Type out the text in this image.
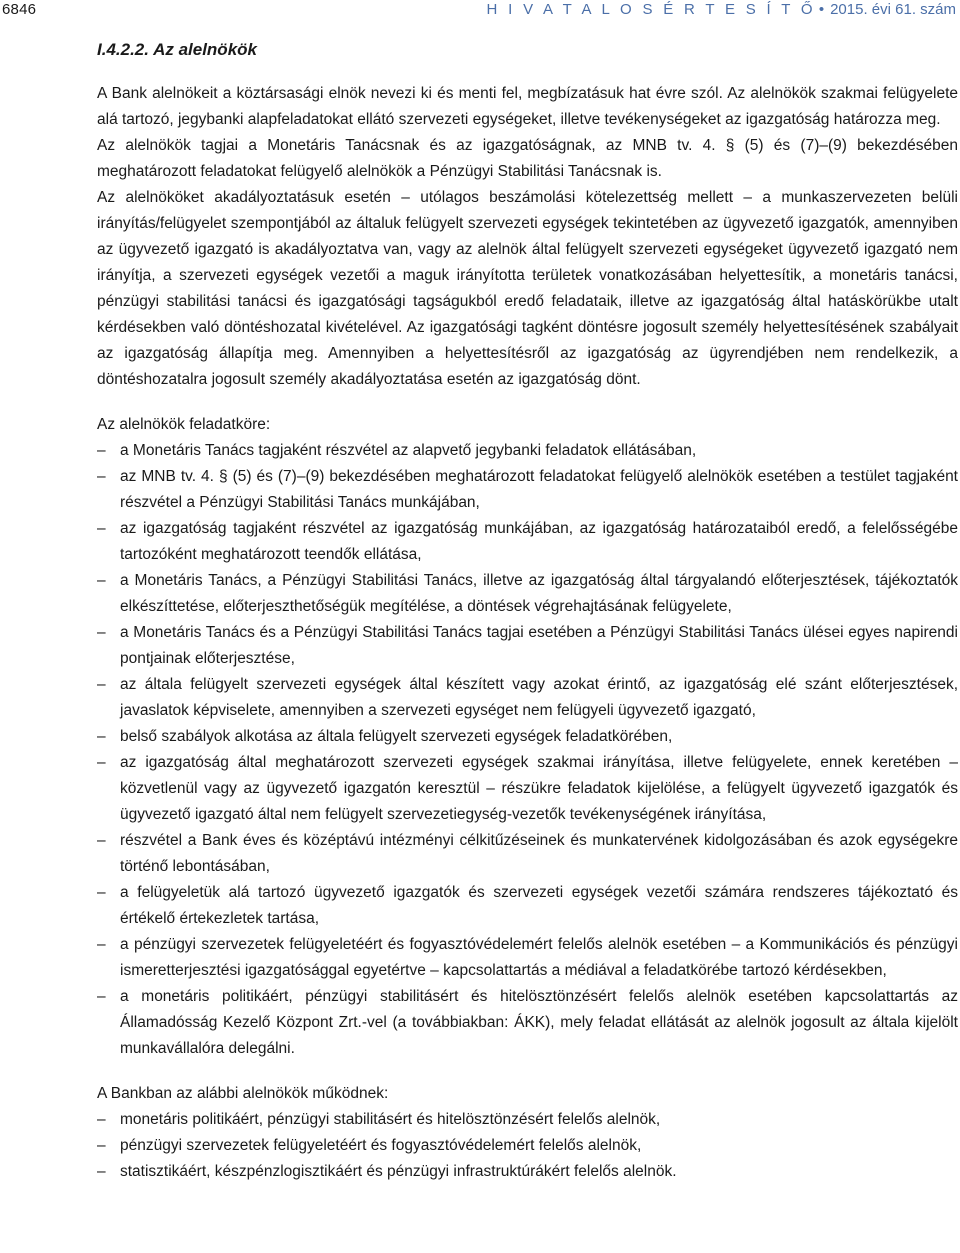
6846	H I V A T A L O S É R T E S Í T Ő • 2015. évi 61. szám
I.4.2.2. Az alelnökök

A Bank alelnökeit a köztársasági elnök nevezi ki és menti fel, megbízatásuk hat évre szól. Az alelnökök szakmai felügyelete alá tartozó, jegybanki alapfeladatokat ellátó szervezeti egységeket, illetve tevékenységeket az igazgatóság határozza meg.

Az alelnökök tagjai a Monetáris Tanácsnak és az igazgatóságnak, az MNB tv. 4. § (5) és (7)–(9) bekezdésében meghatározott feladatokat felügyelő alelnökök a Pénzügyi Stabilitási Tanácsnak is.

Az alelnököket akadályoztatásuk esetén – utólagos beszámolási kötelezettség mellett – a munkaszervezeten belüli irányítás/felügyelet szempontjából az általuk felügyelt szervezeti egységek tekintetében az ügyvezető igazgatók, amennyiben az ügyvezető igazgató is akadályoztatva van, vagy az alelnök által felügyelt szervezeti egységeket ügyvezető igazgató nem irányítja, a szervezeti egységek vezetői a maguk irányította területek vonatkozásában helyettesítik, a monetáris tanácsi, pénzügyi stabilitási tanácsi és igazgatósági tagságukból eredő feladataik, illetve az igazgatóság által hatáskörükbe utalt kérdésekben való döntéshozatal kivételével. Az igazgatósági tagként döntésre jogosult személy helyettesítésének szabályait az igazgatóság állapítja meg. Amennyiben a helyettesítésről az igazgatóság az ügyrendjében nem rendelkezik, a döntéshozatalra jogosult személy akadályoztatása esetén az igazgatóság dönt.

Az alelnökök feladatköre:

– a Monetáris Tanács tagjaként részvétel az alapvető jegybanki feladatok ellátásában,
– az MNB tv. 4. § (5) és (7)–(9) bekezdésében meghatározott feladatokat felügyelő alelnökök esetében a testület tagjaként részvétel a Pénzügyi Stabilitási Tanács munkájában,
– az igazgatóság tagjaként részvétel az igazgatóság munkájában, az igazgatóság határozataiból eredő, a felelősségébe tartozóként meghatározott teendők ellátása,
– a Monetáris Tanács, a Pénzügyi Stabilitási Tanács, illetve az igazgatóság által tárgyalandó előterjesztések, tájékoztatók elkészíttetése, előterjeszthetőségük megítélése, a döntések végrehajtásának felügyelete,
– a Monetáris Tanács és a Pénzügyi Stabilitási Tanács tagjai esetében a Pénzügyi Stabilitási Tanács ülései egyes napirendi pontjainak előterjesztése,
– az általa felügyelt szervezeti egységek által készített vagy azokat érintő, az igazgatóság elé szánt előterjesztések, javaslatok képviselete, amennyiben a szervezeti egységet nem felügyeli ügyvezető igazgató,
– belső szabályok alkotása az általa felügyelt szervezeti egységek feladatkörében,
– az igazgatóság által meghatározott szervezeti egységek szakmai irányítása, illetve felügyelete, ennek keretében – közvetlenül vagy az ügyvezető igazgatón keresztül – részükre feladatok kijelölése, a felügyelt ügyvezető igazgatók és ügyvezető igazgató által nem felügyelt szervezetiegység-vezetők tevékenységének irányítása,
– részvétel a Bank éves és középtávú intézményi célkitűzéseinek és munkatervének kidolgozásában és azok egységekre történő lebontásában,
– a felügyeletük alá tartozó ügyvezető igazgatók és szervezeti egységek vezetői számára rendszeres tájékoztató és értékelő értekezletek tartása,
– a pénzügyi szervezetek felügyeletéért és fogyasztóvédelemért felelős alelnök esetében – a Kommunikációs és pénzügyi ismeretterjesztési igazgatósággal egyetértve – kapcsolattartás a médiával a feladatkörébe tartozó kérdésekben,
– a monetáris politikáért, pénzügyi stabilitásért és hitelösztönzésért felelős alelnök esetében kapcsolattartás az Államadósság Kezelő Központ Zrt.-vel (a továbbiakban: ÁKK), mely feladat ellátását az alelnök jogosult az általa kijelölt munkavállalóra delegálni.

A Bankban az alábbi alelnökök működnek:

– monetáris politikáért, pénzügyi stabilitásért és hitelösztönzésért felelős alelnök,
– pénzügyi szervezetek felügyeletéért és fogyasztóvédelemért felelős alelnök,
– statisztikáért, készpénzlogisztikáért és pénzügyi infrastruktúrákért felelős alelnök.
